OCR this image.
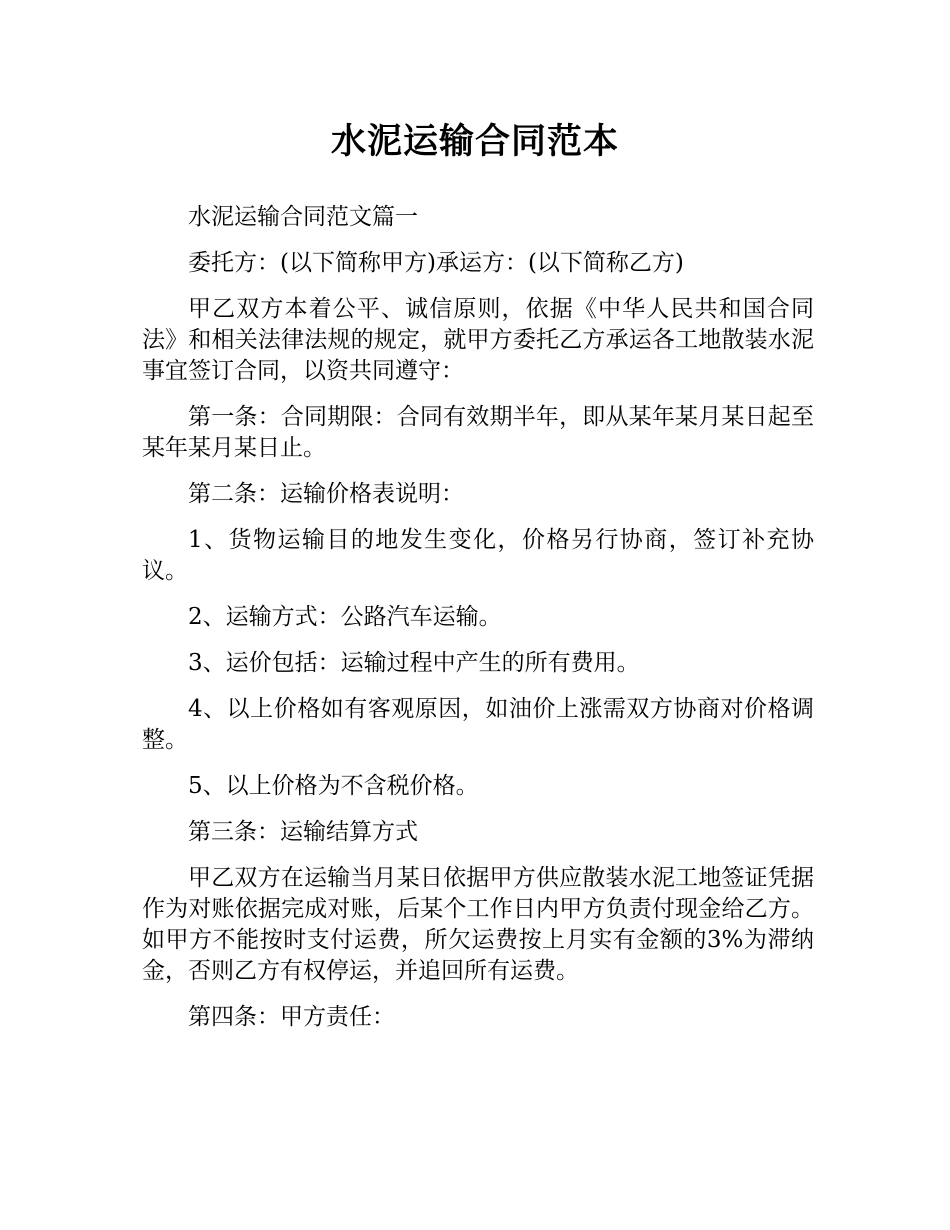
水泥运输合同范本

水泥运输合同范文篇一

委托方：(以下简称甲方)承运方：(以下简称乙方)

甲乙双方本着公平、诚信原则，依据《中华人民共和国合同法》和相关法律法规的规定，就甲方委托乙方承运各工地散装水泥事宜签订合同，以资共同遵守：

第一条：合同期限：合同有效期半年，即从某年某月某日起至某年某月某日止。

第二条：运输价格表说明：

1、货物运输目的地发生变化，价格另行协商，签订补充协议。

2、运输方式：公路汽车运输。

3、运价包括：运输过程中产生的所有费用。

4、以上价格如有客观原因，如油价上涨需双方协商对价格调整。

5、以上价格为不含税价格。

第三条：运输结算方式

甲乙双方在运输当月某日依据甲方供应散装水泥工地签证凭据作为对账依据完成对账，后某个工作日内甲方负责付现金给乙方。如甲方不能按时支付运费，所欠运费按上月实有金额的3%为滞纳金，否则乙方有权停运，并追回所有运费。

第四条：甲方责任：
